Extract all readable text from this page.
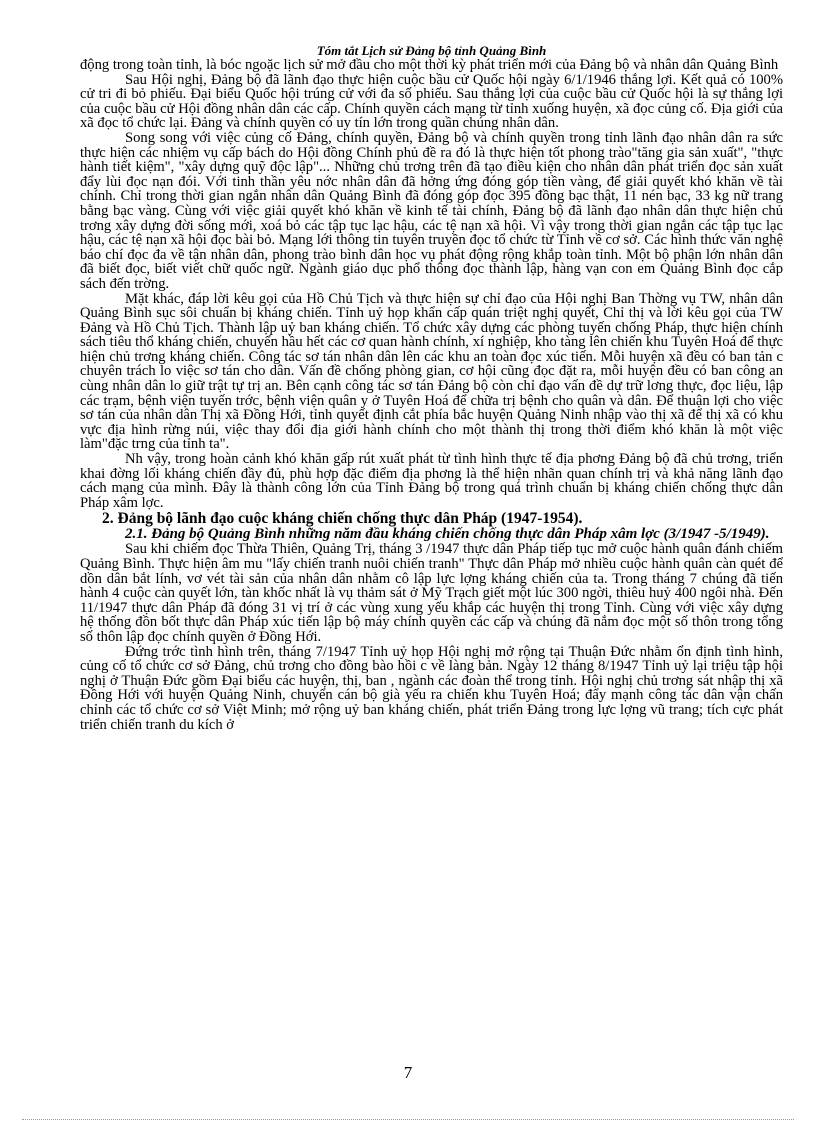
Tóm tắt Lịch sử Đảng bộ tỉnh Quảng Bình

động trong toàn tỉnh, là bóc ngoặc lịch sử mở đầu cho một thời kỳ phát triển mới của Đảng bộ và nhân dân Quảng Bình

Sau Hội nghị, Đảng bộ đã lãnh đạo thực hiện cuộc bầu cử Quốc hội ngày 6/1/1946 thắng lợi. Kết quả có 100% cử tri đi bỏ phiếu. Đại biểu Quốc hội trúng cử với đa số phiếu. Sau thắng lợi của cuộc bầu cử Quốc hội là sự thắng lợi của cuộc bầu cử Hội đồng nhân dân các cấp. Chính quyền cách mạng từ tỉnh xuống huyện, xã đọc củng cố. Địa giới của xã đọc tổ chức lại. Đảng và chính quyền có uy tín lớn trong quần chúng nhân dân.

Song song với việc củng cố Đảng, chính quyền, Đảng bộ và chính quyền trong tỉnh lãnh đạo nhân dân ra sức thực hiện các nhiệm vụ cấp bách do Hội đồng Chính phủ đề ra đó là thực hiện tốt phong trào"tăng gia sản xuất", "thực hành tiết kiệm", "xây dựng quỹ độc lập"... Những chủ trơng trên đã tạo điều kiện cho nhân dân phát triển đọc sản xuất đẩy lùi đọc nạn đói. Với tinh thần yêu nớc nhân dân đã hởng ứng đóng góp tiền vàng, để giải quyết khó khăn về tài chính. Chỉ trong thời gian ngắn nhân dân Quảng Bình đã đóng góp đọc 395 đồng bạc thật, 11 nén bạc, 33 kg nữ trang bằng bạc vàng. Cùng với việc giải quyết khó khăn về kinh tế tài chính, Đảng bộ đã lãnh đạo nhân dân thực hiện chủ trơng xây dựng đời sống mới, xoá bỏ các tập tục lạc hậu, các tệ nạn xã hội. Vì vậy trong thời gian ngắn các tập tục lạc hậu, các tệ nạn xã hội đọc bài bỏ. Mạng lới thông tin tuyên truyền đọc tổ chức từ Tỉnh về cơ sở. Các hình thức văn nghệ báo chí đọc đa về tận nhân dân, phong trào bình dân học vụ phát động rộng khắp toàn tỉnh. Một bộ phận lớn nhân dân đã biết đọc, biết viết chữ quốc ngữ. Ngành giáo dục phổ thông đọc thành lập, hàng vạn con em Quảng Bình đọc cắp sách đến trờng.

Mặt khác, đáp lời kêu gọi của Hồ Chủ Tịch và thực hiện sự chỉ đạo của Hội nghị Ban Thờng vụ TW, nhân dân Quảng Bình sục sôi chuẩn bị kháng chiến. Tỉnh uỷ họp khẩn cấp quán triệt nghị quyết, Chỉ thị và lời kêu gọi của TW Đảng và Hồ Chủ Tịch. Thành lập uỷ ban kháng chiến. Tổ chức xây dựng các phòng tuyến chống Pháp, thực hiện chính sách tiêu thổ kháng chiến, chuyển hầu hết các cơ quan hành chính, xí nghiệp, kho tàng lên chiến khu Tuyên Hoá để thực hiện chủ trơng kháng chiến. Công tác sơ tán nhân dân lên các khu an toàn đọc xúc tiến. Mỗi huyện xã đều có ban tản c chuyên trách lo việc sơ tán cho dân. Vấn đề chống phòng gian, cơ hội cũng đọc đặt ra, mỗi huyện đều có ban công an cùng nhân dân lo giữ trật tự trị an. Bên cạnh công tác sơ tán Đảng bộ còn chỉ đạo vấn đề dự trữ lơng thực, đọc liệu, lập các trạm, bệnh viện tuyến trớc, bệnh viện quân y ở Tuyên Hoá để chữa trị bệnh cho quân và dân. Để thuận lợi cho việc sơ tán của nhân dân Thị xã Đồng Hới, tỉnh quyết định cắt phía bắc huyện Quảng Ninh nhập vào thị xã để thị xã có khu vực địa hình rừng núi, việc thay đổi địa giới hành chính cho một thành thị trong thời điểm khó khăn là một việc làm"đặc trng của tỉnh ta".

Nh vậy, trong hoàn cảnh khó khăn gấp rút xuất phát từ tình hình thực tế địa phơng Đảng bộ đã chủ trơng, triển khai đờng lối kháng chiến đầy đủ, phù hợp đặc điểm địa phơng là thể hiện nhãn quan chính trị và khả năng lãnh đạo cách mạng của mình. Đây là thành công lớn của Tỉnh Đảng bộ trong quá trình chuẩn bị kháng chiến chống thực dân Pháp xâm lợc.

2. Đảng bộ lãnh đạo cuộc kháng chiến chống thực dân Pháp (1947-1954).

2.1. Đảng bộ Quảng Bình những năm đầu kháng chiến chống thực dân Pháp xâm lợc (3/1947 -5/1949).

Sau khi chiếm đọc Thừa Thiên, Quảng Trị, tháng 3 /1947 thực dân Pháp tiếp tục mở cuộc hành quân đánh chiếm Quảng Bình. Thực hiện âm mu "lấy chiến tranh nuôi chiến tranh" Thực dân Pháp mở nhiều cuộc hành quân càn quét để dồn dân bắt lính, vơ vét tài sản của nhân dân nhằm cô lập lực lợng kháng chiến của ta. Trong tháng 7 chúng đã tiến hành 4 cuộc càn quyết lớn, tàn khốc nhất là vụ thảm sát ở Mỹ Trạch giết một lúc 300 ngời, thiêu huỷ 400 ngôi nhà. Đến 11/1947 thực dân Pháp đã đóng 31 vị trí ở các vùng xung yếu khắp các huyện thị trong Tỉnh. Cùng với việc xây dựng hệ thống đồn bốt thực dân Pháp xúc tiến lập bộ máy chính quyền các cấp và chúng đã nắm đọc một số thôn trong tổng số thôn lập đọc chính quyền ở Đồng Hới.

Đứng trớc tình hình trên, tháng 7/1947 Tỉnh uỷ họp Hội nghị mở rộng tại Thuận Đức nhằm ổn định tình hình, củng cố tổ chức cơ sở Đảng, chủ trơng cho đồng bào hồi c về làng bản. Ngày 12 tháng 8/1947 Tỉnh uỷ lại triệu tập hội nghị ở Thuận Đức gồm Đại biểu các huyện, thị, ban , ngành các đoàn thể trong tỉnh. Hội nghị chủ trơng sát nhập thị xã Đồng Hới với huyện Quảng Ninh, chuyển cán bộ già yếu ra chiến khu Tuyên Hoá; đẩy mạnh công tác dân vận chấn chỉnh các tổ chức cơ sở Việt Minh; mở rộng uỷ ban kháng chiến, phát triển Đảng trong lực lợng vũ trang; tích cực phát triển chiến tranh du kích ở

7
